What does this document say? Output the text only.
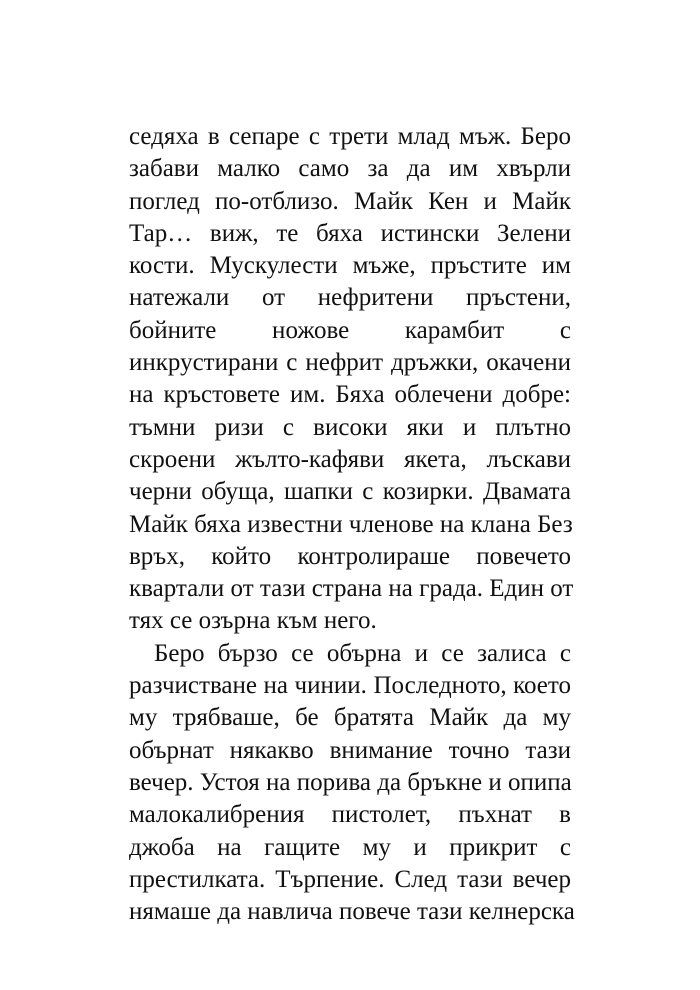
седяха в сепаре с трети млад мъж. Беро
забави малко само за да им хвърли
поглед по-отблизо. Майк Кен и Майк
Тар… виж, те бяха истински Зелени
кости. Мускулести мъже, пръстите им
натежали от нефритени пръстени,
бойните ножове карамбит с
инкрустирани с нефрит дръжки, окачени
на кръстовете им. Бяха облечени добре:
тъмни ризи с високи яки и плътно
скроени жълто-кафяви якета, лъскави
черни обуща, шапки с козирки. Двамата
Майк бяха известни членове на клана Без
връх, който контролираше повечето
квартали от тази страна на града. Един от
тях се озърна към него.

Беро бързо се обърна и се залиса с
разчистване на чинии. Последното, което
му трябваше, бе братята Майк да му
обърнат някакво внимание точно тази
вечер. Устоя на порива да бръкне и опипа
малокалибрения пистолет, пъхнат в
джоба на гащите му и прикрит с
престилката. Търпение. След тази вечер
нямаше да навлича повече тази келнерска
